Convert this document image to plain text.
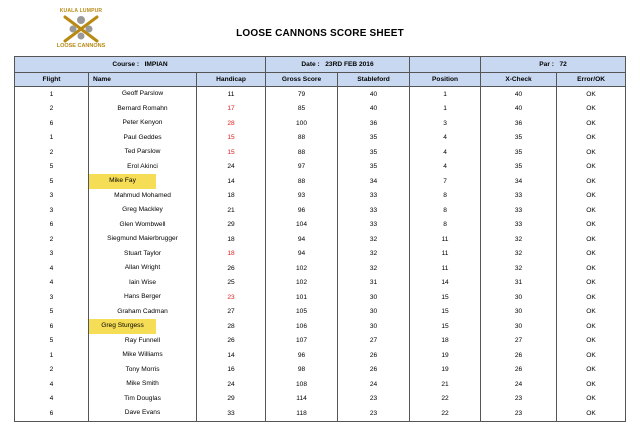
KUALA LUMPUR
LOOSE CANNONS
LOOSE CANNONS SCORE SHEET
Course : IMPIAN			Date : 23RD FEB 2016			Par : 72	
Flight	Name	Handicap	Gross Score	Stableford	Position	X-Check	Error/OK
1	Geoff Parslow	11	79	40	1	40	OK
2	Bernard Romahn	17	85	40	1	40	OK
6	Peter Kenyon	28	100	36	3	36	OK
1	Paul Geddes	15	88	35	4	35	OK
2	Ted Parslow	15	88	35	4	35	OK
5	Erol Akinci	24	97	35	4	35	OK
5	Mike Fay	14	88	34	7	34	OK
3	Mahmud Mohamed	18	93	33	8	33	OK
3	Greg Mackley	21	96	33	8	33	OK
6	Glen Wombwell	29	104	33	8	33	OK
2	Siegmund Maierbrugger	18	94	32	11	32	OK
3	Stuart Taylor	18	94	32	11	32	OK
4	Allan Wright	26	102	32	11	32	OK
4	Iain Wise	25	102	31	14	31	OK
3	Hans Berger	23	101	30	15	30	OK
5	Graham Cadman	27	105	30	15	30	OK
6	Greg Sturgess	28	106	30	15	30	OK
5	Ray Funnell	26	107	27	18	27	OK
1	Mike Williams	14	96	26	19	26	OK
2	Tony Morris	16	98	26	19	26	OK
4	Mike Smith	24	108	24	21	24	OK
4	Tim Douglas	29	114	23	22	23	OK
6	Dave Evans	33	118	23	22	23	OK
